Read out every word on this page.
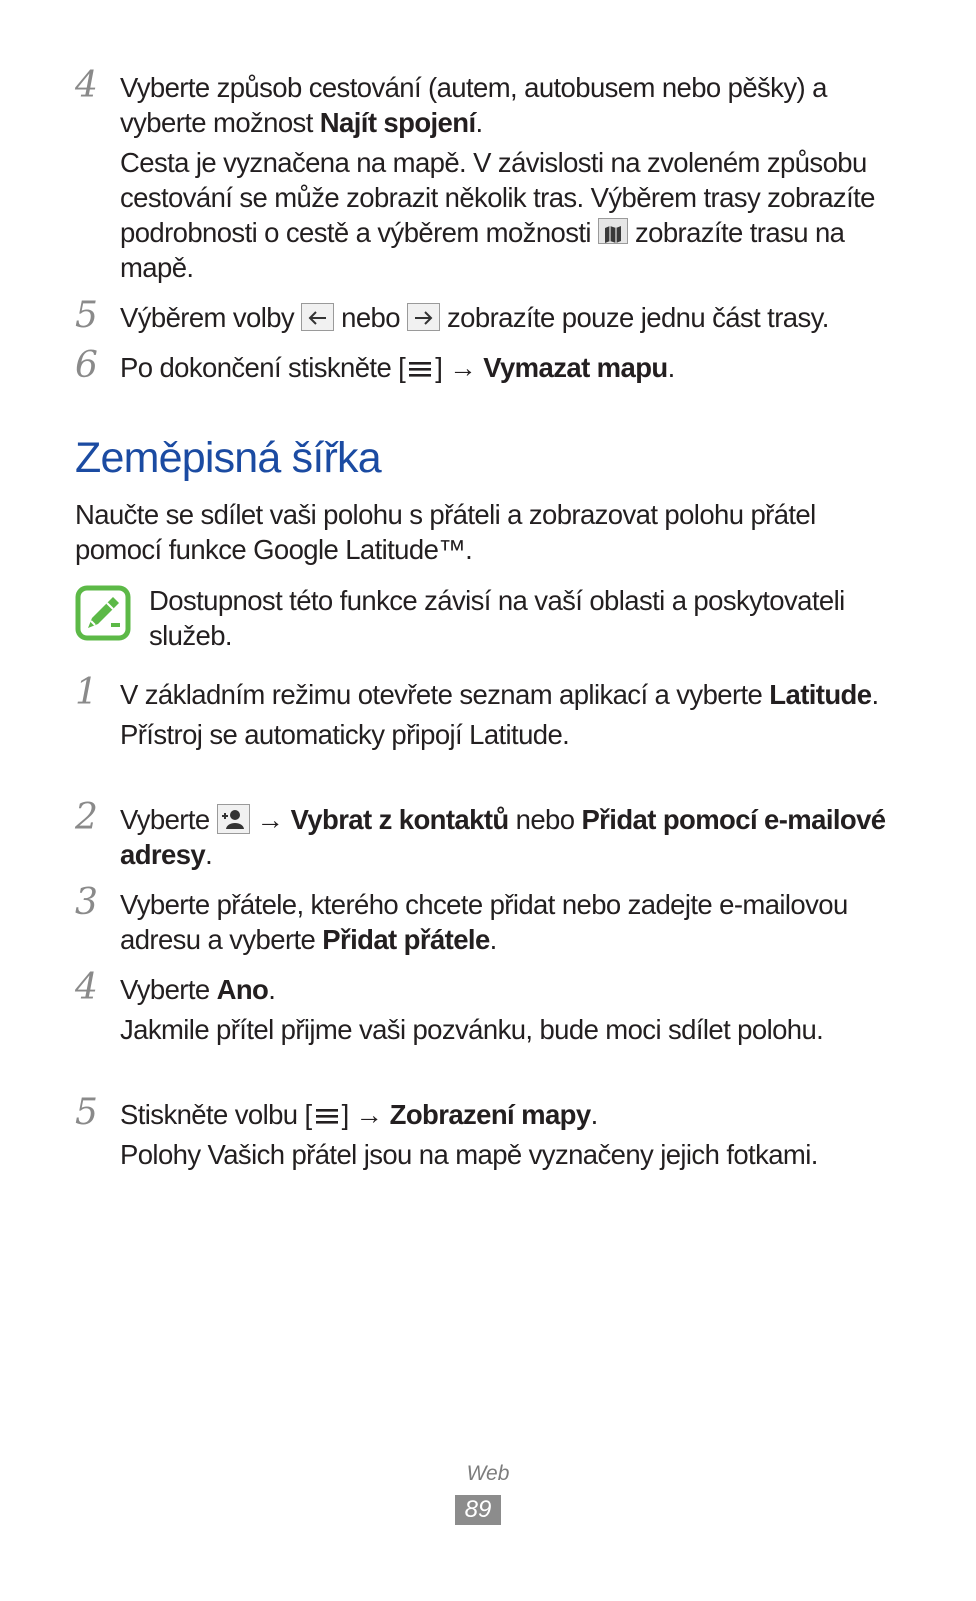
4 Vyberte způsob cestování (autem, autobusem nebo pěšky) a vyberte možnost Najít spojení.

Cesta je vyznačena na mapě. V závislosti na zvoleném způsobu cestování se může zobrazit několik tras. Výběrem trasy zobrazíte podrobnosti o cestě a výběrem možnosti  zobrazíte trasu na mapě.

5 Výběrem volby  nebo  zobrazíte pouze jednu část trasy.

6 Po dokončení stiskněte [ ] → Vymazat mapu.

Zeměpisná šířka

Naučte se sdílet vaši polohu s přáteli a zobrazovat polohu přátel pomocí funkce Google Latitude™.

Dostupnost této funkce závisí na vaší oblasti a poskytovateli služeb.

1 V základním režimu otevřete seznam aplikací a vyberte Latitude.

Přístroj se automaticky připojí Latitude.

2 Vyberte  → Vybrat z kontaktů nebo Přidat pomocí e-mailové adresy.

3 Vyberte přátele, kterého chcete přidat nebo zadejte e-mailovou adresu a vyberte Přidat přátele.

4 Vyberte Ano.

Jakmile přítel přijme vaši pozvánku, bude moci sdílet polohu.

5 Stiskněte volbu [ ] → Zobrazení mapy.

Polohy Vašich přátel jsou na mapě vyznačeny jejich fotkami.

Web
89
